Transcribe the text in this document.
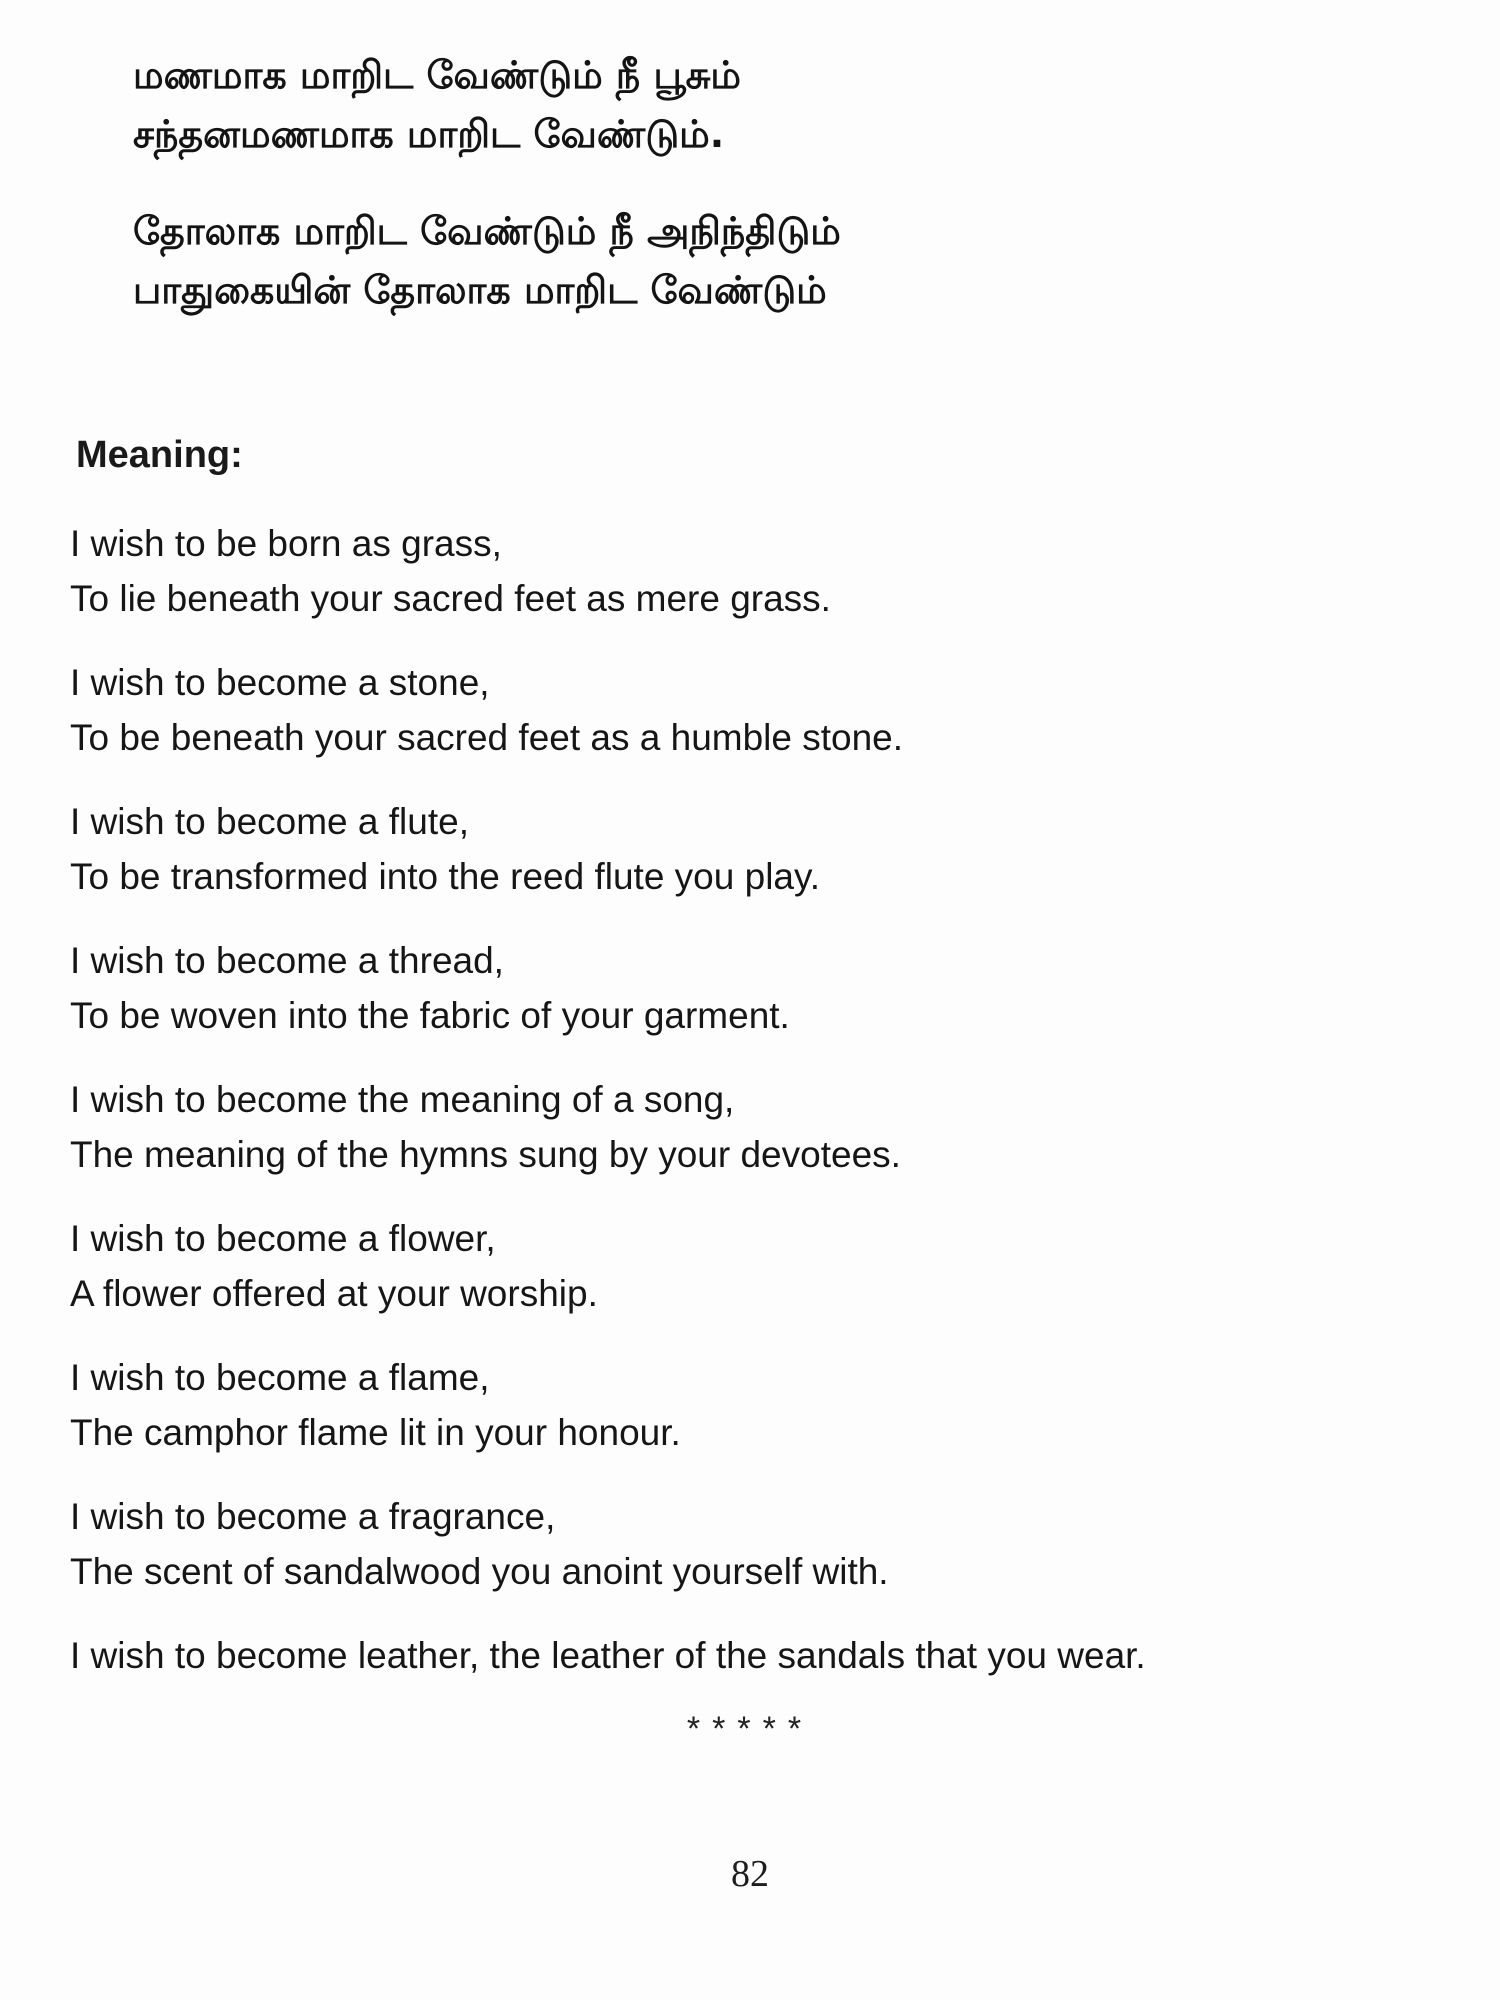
மணமாக மாறிட வேண்டும் நீ பூசும்
சந்தனமணமாக மாறிட வேண்டும்.
தோலாக மாறிட வேண்டும் நீ அநிந்திடும்
பாதுகையின் தோலாக மாறிட வேண்டும்
Meaning:
I wish to be born as grass,
To lie beneath your sacred feet as mere grass.
I wish to become a stone,
To be beneath your sacred feet as a humble stone.
I wish to become a flute,
To be transformed into the reed flute you play.
I wish to become a thread,
To be woven into the fabric of your garment.
I wish to become the meaning of a song,
The meaning of the hymns sung by your devotees.
I wish to become a flower,
A flower offered at your worship.
I wish to become a flame,
The camphor flame lit in your honour.
I wish to become a fragrance,
The scent of sandalwood you anoint yourself with.
I wish to become leather, the leather of the sandals that you wear.
*****
82
